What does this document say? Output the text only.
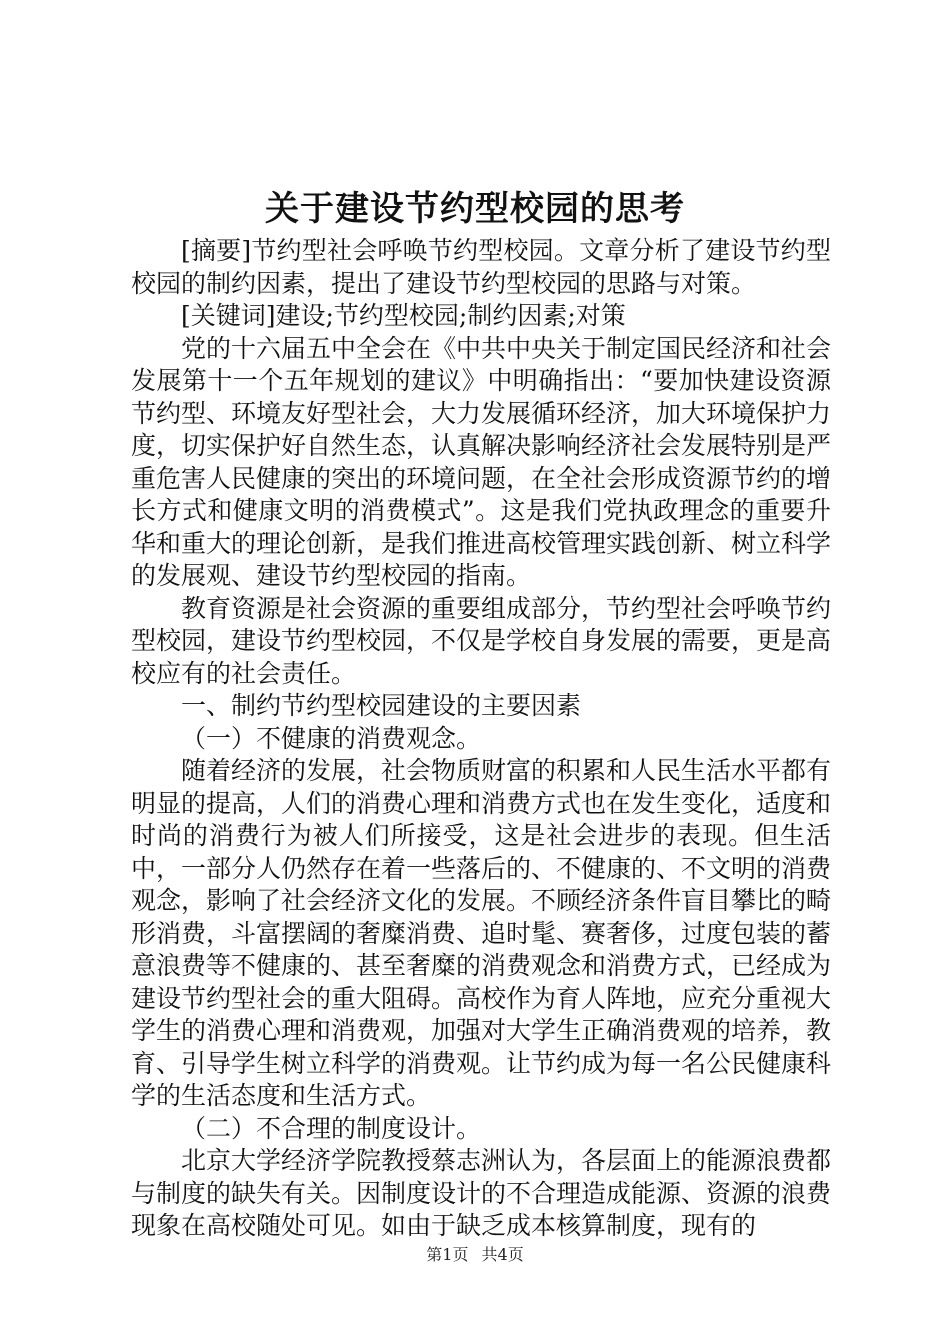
关于建设节约型校园的思考

[摘要]节约型社会呼唤节约型校园。文章分析了建设节约型校园的制约因素，提出了建设节约型校园的思路与对策。

[关键词]建设;节约型校园;制约因素;对策

党的十六届五中全会在《中共中央关于制定国民经济和社会发展第十一个五年规划的建议》中明确指出：“要加快建设资源节约型、环境友好型社会，大力发展循环经济，加大环境保护力度，切实保护好自然生态，认真解决影响经济社会发展特别是严重危害人民健康的突出的环境问题，在全社会形成资源节约的增长方式和健康文明的消费模式”。这是我们党执政理念的重要升华和重大的理论创新，是我们推进高校管理实践创新、树立科学的发展观、建设节约型校园的指南。

教育资源是社会资源的重要组成部分，节约型社会呼唤节约型校园，建设节约型校园，不仅是学校自身发展的需要，更是高校应有的社会责任。

一、制约节约型校园建设的主要因素

（一）不健康的消费观念。

随着经济的发展，社会物质财富的积累和人民生活水平都有明显的提高，人们的消费心理和消费方式也在发生变化，适度和时尚的消费行为被人们所接受，这是社会进步的表现。但生活中，一部分人仍然存在着一些落后的、不健康的、不文明的消费观念，影响了社会经济文化的发展。不顾经济条件盲目攀比的畸形消费，斗富摆阔的奢糜消费、追时髦、赛奢侈，过度包装的蓄意浪费等不健康的、甚至奢糜的消费观念和消费方式，已经成为建设节约型社会的重大阻碍。高校作为育人阵地，应充分重视大学生的消费心理和消费观，加强对大学生正确消费观的培养，教育、引导学生树立科学的消费观。让节约成为每一名公民健康科学的生活态度和生活方式。

（二）不合理的制度设计。

北京大学经济学院教授蔡志洲认为，各层面上的能源浪费都与制度的缺失有关。因制度设计的不合理造成能源、资源的浪费现象在高校随处可见。如由于缺乏成本核算制度，现有的

第1页 共4页
